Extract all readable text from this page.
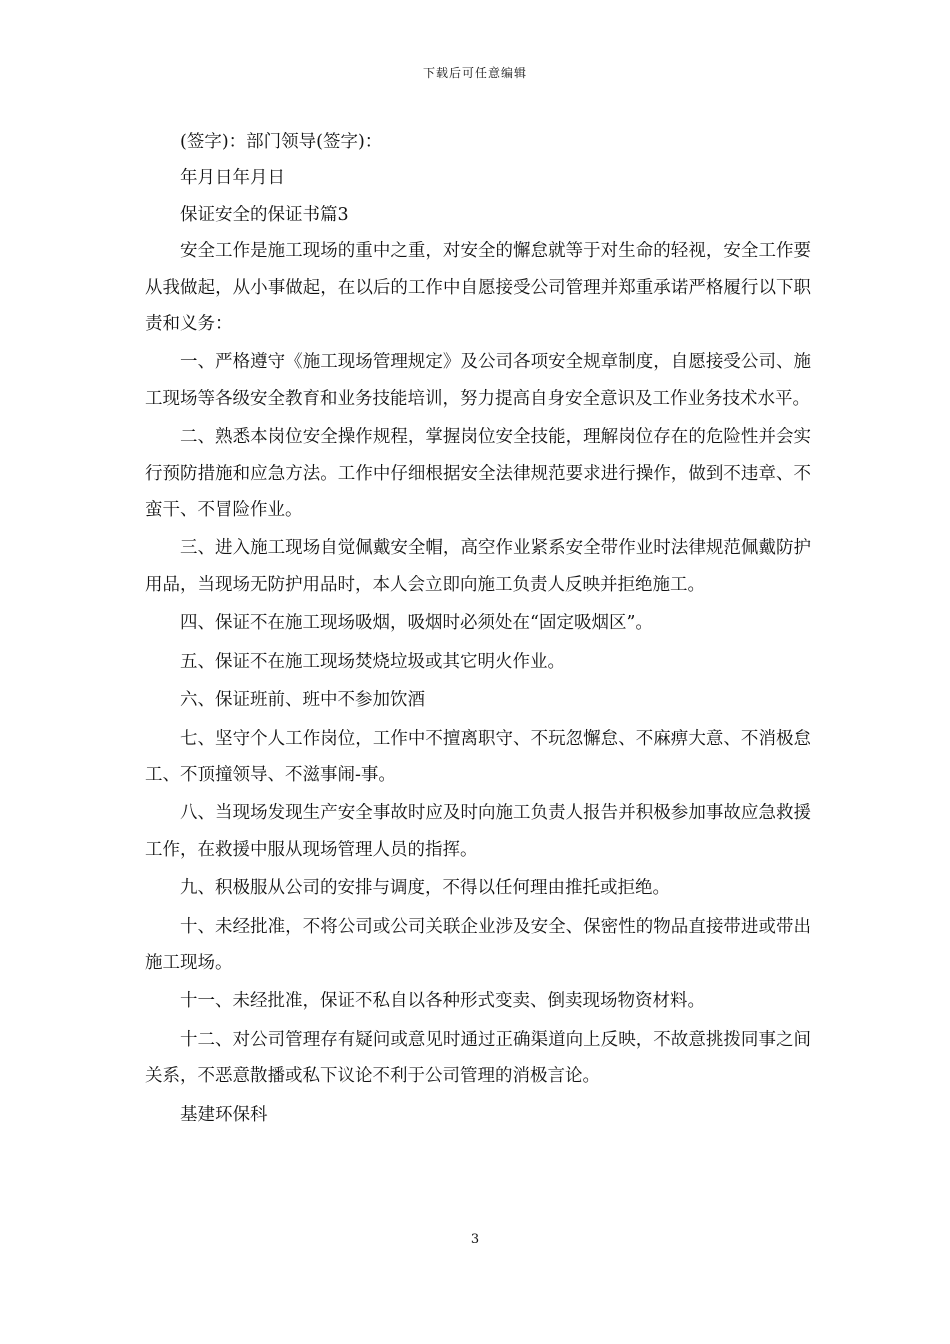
下载后可任意编辑

(签字)：部门领导(签字)：

年月日年月日

保证安全的保证书篇3

安全工作是施工现场的重中之重，对安全的懈怠就等于对生命的轻视，安全工作要从我做起，从小事做起，在以后的工作中自愿接受公司管理并郑重承诺严格履行以下职责和义务：

一、严格遵守《施工现场管理规定》及公司各项安全规章制度，自愿接受公司、施工现场等各级安全教育和业务技能培训，努力提高自身安全意识及工作业务技术水平。

二、熟悉本岗位安全操作规程，掌握岗位安全技能，理解岗位存在的危险性并会实行预防措施和应急方法。工作中仔细根据安全法律规范要求进行操作，做到不违章、不蛮干、不冒险作业。

三、进入施工现场自觉佩戴安全帽，高空作业紧系安全带作业时法律规范佩戴防护用品，当现场无防护用品时，本人会立即向施工负责人反映并拒绝施工。

四、保证不在施工现场吸烟，吸烟时必须处在“固定吸烟区”。

五、保证不在施工现场焚烧垃圾或其它明火作业。

六、保证班前、班中不参加饮酒

七、坚守个人工作岗位，工作中不擅离职守、不玩忽懈怠、不麻痹大意、不消极怠工、不顶撞领导、不滋事闹-事。

八、当现场发现生产安全事故时应及时向施工负责人报告并积极参加事故应急救援工作，在救援中服从现场管理人员的指挥。

九、积极服从公司的安排与调度，不得以任何理由推托或拒绝。

十、未经批准，不将公司或公司关联企业涉及安全、保密性的物品直接带进或带出施工现场。

十一、未经批准，保证不私自以各种形式变卖、倒卖现场物资材料。

十二、对公司管理存有疑问或意见时通过正确渠道向上反映，不故意挑拨同事之间关系，不恶意散播或私下议论不利于公司管理的消极言论。

基建环保科

3
